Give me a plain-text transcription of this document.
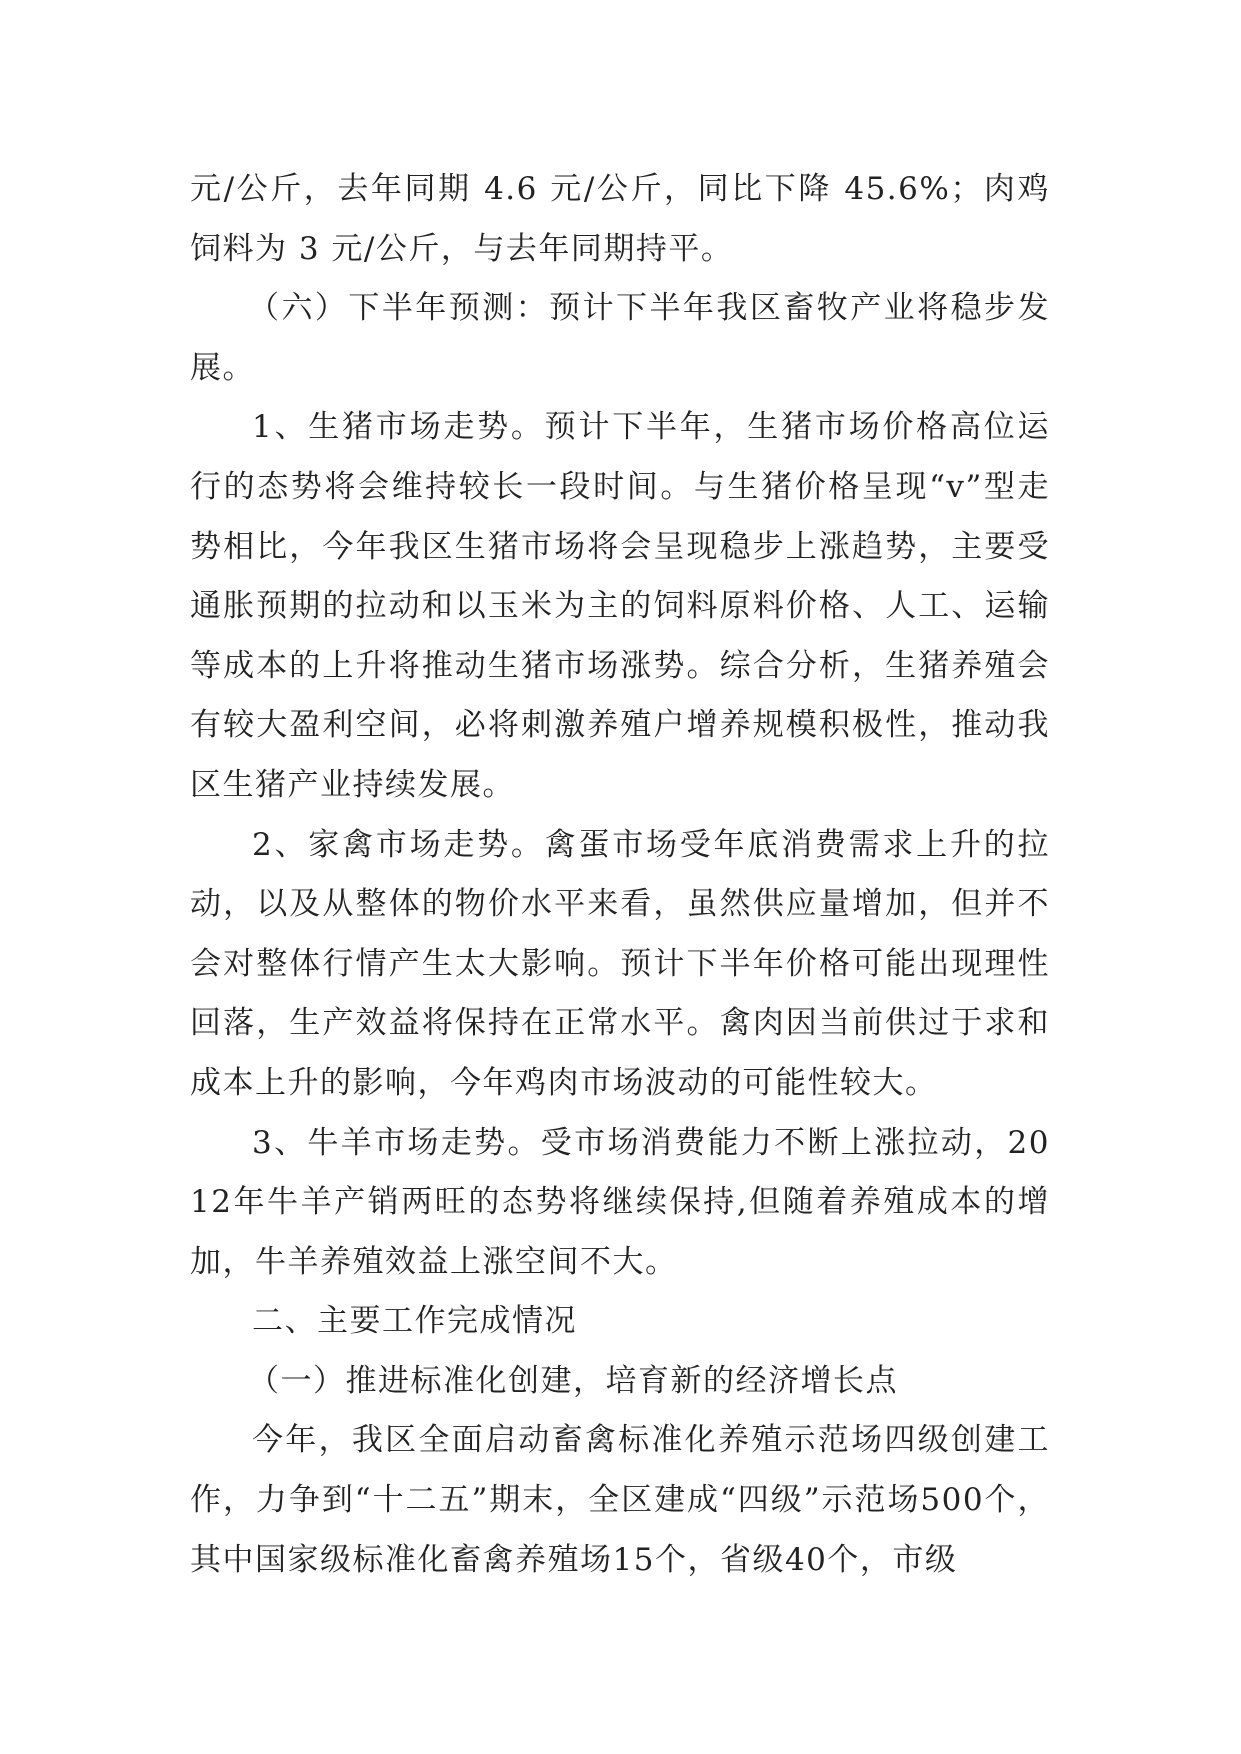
元/公斤，去年同期 4.6 元/公斤，同比下降 45.6%；肉鸡饲料为 3 元/公斤，与去年同期持平。

（六）下半年预测：预计下半年我区畜牧产业将稳步发展。

1、生猪市场走势。预计下半年，生猪市场价格高位运行的态势将会维持较长一段时间。与生猪价格呈现“v”型走势相比，今年我区生猪市场将会呈现稳步上涨趋势，主要受通胀预期的拉动和以玉米为主的饲料原料价格、人工、运输等成本的上升将推动生猪市场涨势。综合分析，生猪养殖会有较大盈利空间，必将刺激养殖户增养规模积极性，推动我区生猪产业持续发展。

2、家禽市场走势。禽蛋市场受年底消费需求上升的拉动，以及从整体的物价水平来看，虽然供应量增加，但并不会对整体行情产生太大影响。预计下半年价格可能出现理性回落，生产效益将保持在正常水平。禽肉因当前供过于求和成本上升的影响，今年鸡肉市场波动的可能性较大。

3、牛羊市场走势。受市场消费能力不断上涨拉动，2012年牛羊产销两旺的态势将继续保持,但随着养殖成本的增加，牛羊养殖效益上涨空间不大。

二、主要工作完成情况

（一）推进标准化创建，培育新的经济增长点

今年，我区全面启动畜禽标准化养殖示范场四级创建工作，力争到“十二五”期末，全区建成“四级”示范场500个，其中国家级标准化畜禽养殖场15个，省级40个，市级
